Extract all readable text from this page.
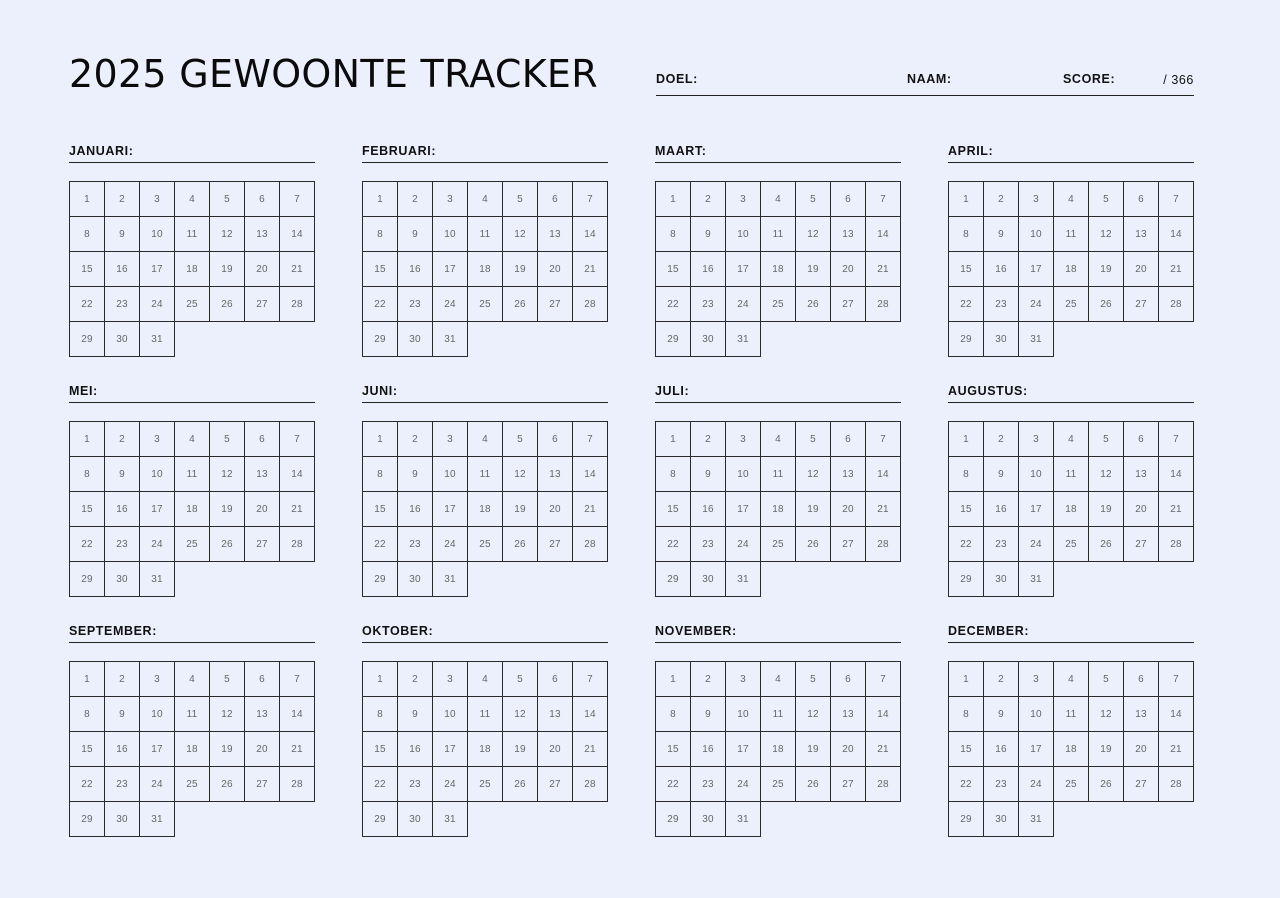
2025 GEWOONTE TRACKER	DOEL:	NAAM:	SCORE:	/ 366
JANUARI:
1	2	3	4	5	6	7
8	9	10	11	12	13	14
15	16	17	18	19	20	21
22	23	24	25	26	27	28
29	30	31
FEBRUARI:
1	2	3	4	5	6	7
8	9	10	11	12	13	14
15	16	17	18	19	20	21
22	23	24	25	26	27	28
29	30	31
MAART:
1	2	3	4	5	6	7
8	9	10	11	12	13	14
15	16	17	18	19	20	21
22	23	24	25	26	27	28
29	30	31
APRIL:
1	2	3	4	5	6	7
8	9	10	11	12	13	14
15	16	17	18	19	20	21
22	23	24	25	26	27	28
29	30	31
MEI:
1	2	3	4	5	6	7
8	9	10	11	12	13	14
15	16	17	18	19	20	21
22	23	24	25	26	27	28
29	30	31
JUNI:
1	2	3	4	5	6	7
8	9	10	11	12	13	14
15	16	17	18	19	20	21
22	23	24	25	26	27	28
29	30	31
JULI:
1	2	3	4	5	6	7
8	9	10	11	12	13	14
15	16	17	18	19	20	21
22	23	24	25	26	27	28
29	30	31
AUGUSTUS:
1	2	3	4	5	6	7
8	9	10	11	12	13	14
15	16	17	18	19	20	21
22	23	24	25	26	27	28
29	30	31
SEPTEMBER:
1	2	3	4	5	6	7
8	9	10	11	12	13	14
15	16	17	18	19	20	21
22	23	24	25	26	27	28
29	30	31
OKTOBER:
1	2	3	4	5	6	7
8	9	10	11	12	13	14
15	16	17	18	19	20	21
22	23	24	25	26	27	28
29	30	31
NOVEMBER:
1	2	3	4	5	6	7
8	9	10	11	12	13	14
15	16	17	18	19	20	21
22	23	24	25	26	27	28
29	30	31
DECEMBER:
1	2	3	4	5	6	7
8	9	10	11	12	13	14
15	16	17	18	19	20	21
22	23	24	25	26	27	28
29	30	31
